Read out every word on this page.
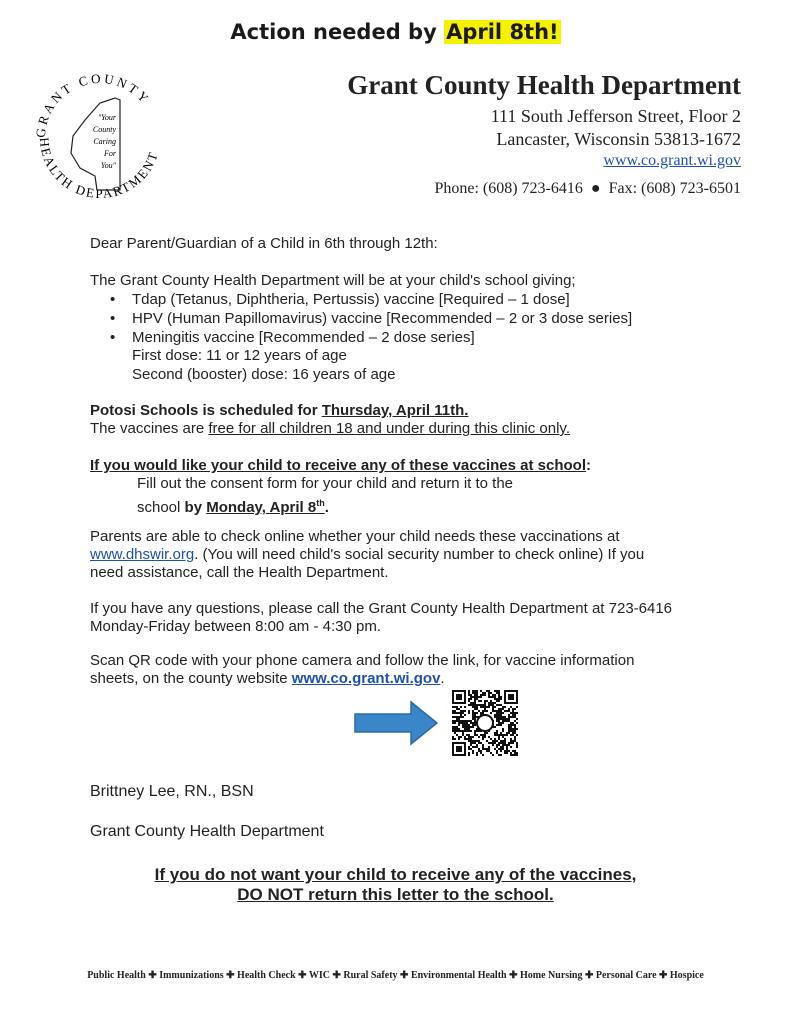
Action needed by April 8th!
GRANT COUNTY
HEALTH DEPARTMENT
"Your
County
Caring
For
You"
Grant County Health Department
111 South Jefferson Street, Floor 2
Lancaster, Wisconsin 53813-1672
www.co.grant.wi.gov
Phone: (608) 723-6416  ●  Fax: (608) 723-6501
Dear Parent/Guardian of a Child in 6th through 12th:
The Grant County Health Department will be at your child's school giving;
• Tdap (Tetanus, Diphtheria, Pertussis) vaccine [Required – 1 dose]
• HPV (Human Papillomavirus) vaccine [Recommended – 2 or 3 dose series]
• Meningitis vaccine [Recommended – 2 dose series]
First dose: 11 or 12 years of age
Second (booster) dose: 16 years of age
Potosi Schools is scheduled for Thursday, April 11th.
The vaccines are free for all children 18 and under during this clinic only.
If you would like your child to receive any of these vaccines at school:
Fill out the consent form for your child and return it to the
school by Monday, April 8th.
Parents are able to check online whether your child needs these vaccinations at
www.dhswir.org. (You will need child's social security number to check online) If you
need assistance, call the Health Department.
If you have any questions, please call the Grant County Health Department at 723-6416
Monday-Friday between 8:00 am - 4:30 pm.
Scan QR code with your phone camera and follow the link, for vaccine information
sheets, on the county website www.co.grant.wi.gov.
Brittney Lee, RN., BSN
Grant County Health Department
If you do not want your child to receive any of the vaccines,
DO NOT return this letter to the school.
Public Health ✚ Immunizations ✚ Health Check ✚ WIC ✚ Rural Safety ✚ Environmental Health ✚ Home Nursing ✚ Personal Care ✚ Hospice
